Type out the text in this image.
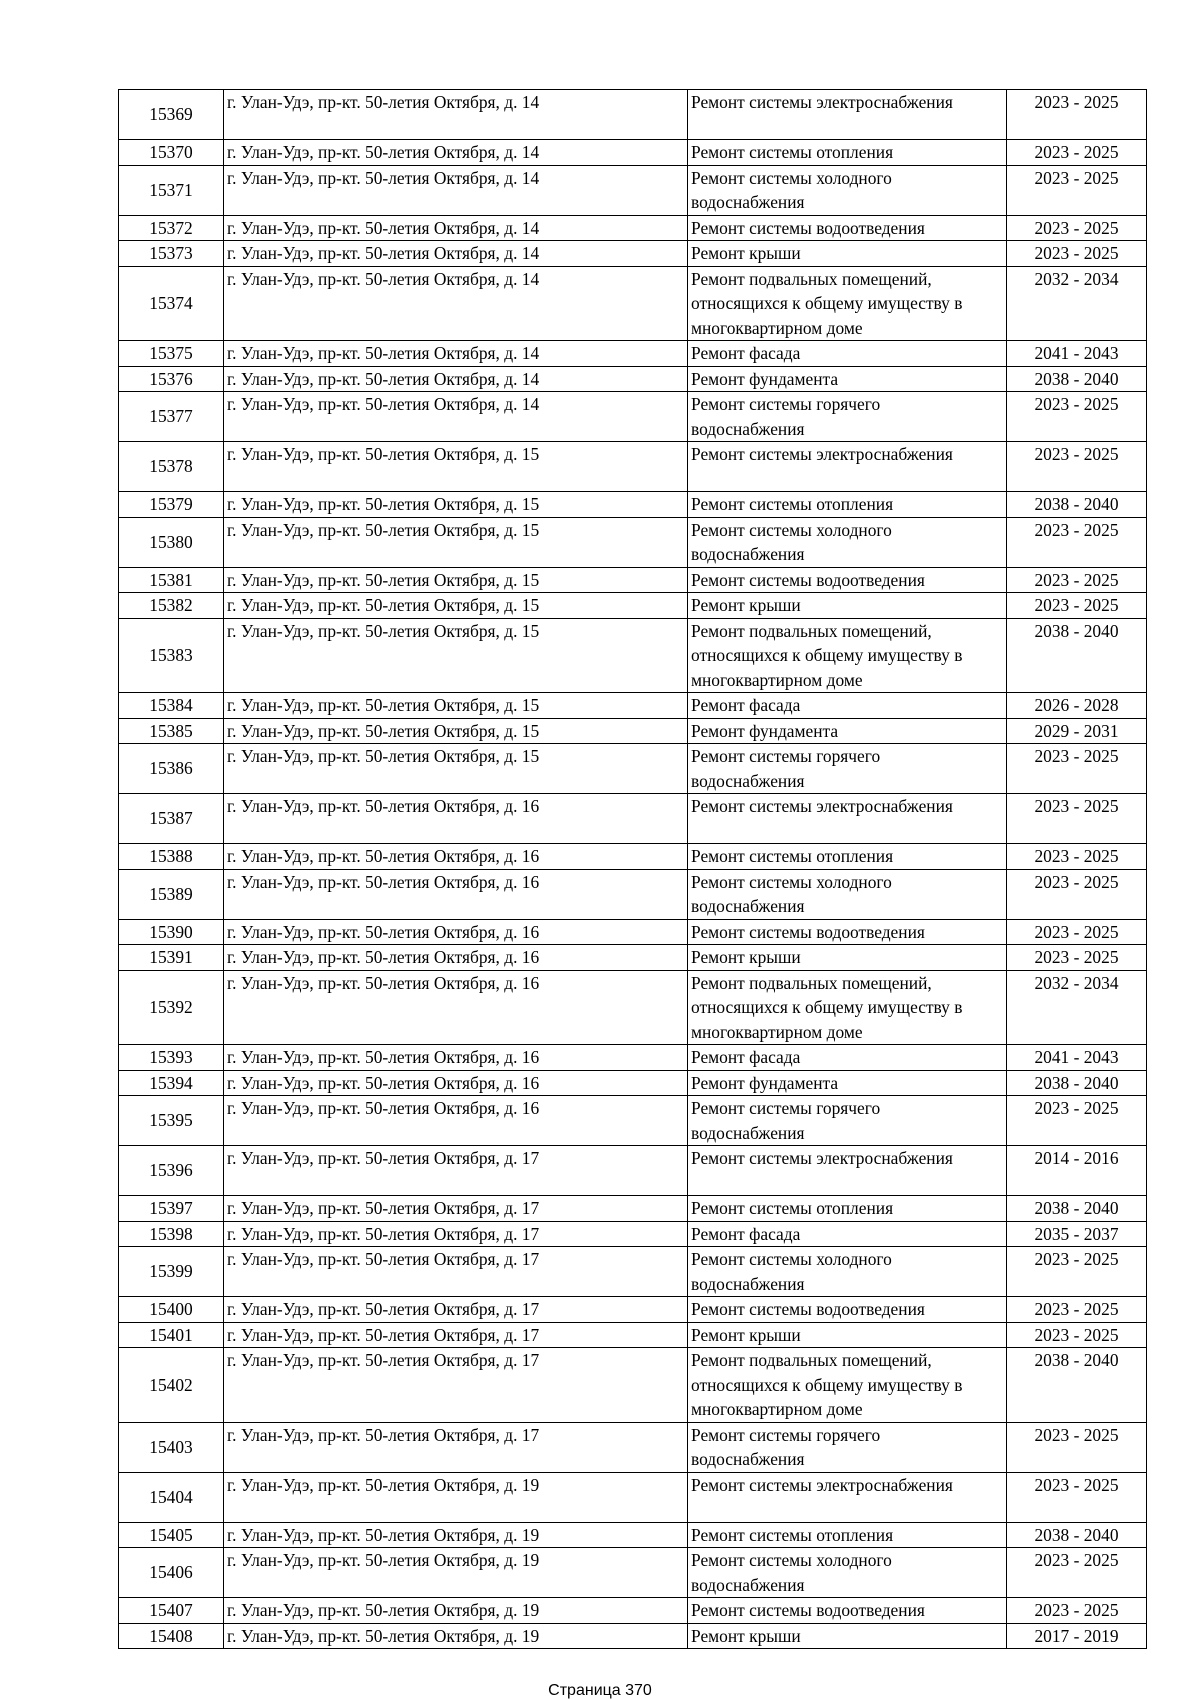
15369	г. Улан-Удэ, пр-кт. 50-летия Октября, д. 14	Ремонт системы электроснабжения	2023 - 2025
15370	г. Улан-Удэ, пр-кт. 50-летия Октября, д. 14	Ремонт системы отопления	2023 - 2025
15371	г. Улан-Удэ, пр-кт. 50-летия Октября, д. 14	Ремонт системы холодного водоснабжения	2023 - 2025
15372	г. Улан-Удэ, пр-кт. 50-летия Октября, д. 14	Ремонт системы водоотведения	2023 - 2025
15373	г. Улан-Удэ, пр-кт. 50-летия Октября, д. 14	Ремонт крыши	2023 - 2025
15374	г. Улан-Удэ, пр-кт. 50-летия Октября, д. 14	Ремонт подвальных помещений, относящихся к общему имуществу в многоквартирном доме	2032 - 2034
15375	г. Улан-Удэ, пр-кт. 50-летия Октября, д. 14	Ремонт фасада	2041 - 2043
15376	г. Улан-Удэ, пр-кт. 50-летия Октября, д. 14	Ремонт фундамента	2038 - 2040
15377	г. Улан-Удэ, пр-кт. 50-летия Октября, д. 14	Ремонт системы горячего водоснабжения	2023 - 2025
15378	г. Улан-Удэ, пр-кт. 50-летия Октября, д. 15	Ремонт системы электроснабжения	2023 - 2025
15379	г. Улан-Удэ, пр-кт. 50-летия Октября, д. 15	Ремонт системы отопления	2038 - 2040
15380	г. Улан-Удэ, пр-кт. 50-летия Октября, д. 15	Ремонт системы холодного водоснабжения	2023 - 2025
15381	г. Улан-Удэ, пр-кт. 50-летия Октября, д. 15	Ремонт системы водоотведения	2023 - 2025
15382	г. Улан-Удэ, пр-кт. 50-летия Октября, д. 15	Ремонт крыши	2023 - 2025
15383	г. Улан-Удэ, пр-кт. 50-летия Октября, д. 15	Ремонт подвальных помещений, относящихся к общему имуществу в многоквартирном доме	2038 - 2040
15384	г. Улан-Удэ, пр-кт. 50-летия Октября, д. 15	Ремонт фасада	2026 - 2028
15385	г. Улан-Удэ, пр-кт. 50-летия Октября, д. 15	Ремонт фундамента	2029 - 2031
15386	г. Улан-Удэ, пр-кт. 50-летия Октября, д. 15	Ремонт системы горячего водоснабжения	2023 - 2025
15387	г. Улан-Удэ, пр-кт. 50-летия Октября, д. 16	Ремонт системы электроснабжения	2023 - 2025
15388	г. Улан-Удэ, пр-кт. 50-летия Октября, д. 16	Ремонт системы отопления	2023 - 2025
15389	г. Улан-Удэ, пр-кт. 50-летия Октября, д. 16	Ремонт системы холодного водоснабжения	2023 - 2025
15390	г. Улан-Удэ, пр-кт. 50-летия Октября, д. 16	Ремонт системы водоотведения	2023 - 2025
15391	г. Улан-Удэ, пр-кт. 50-летия Октября, д. 16	Ремонт крыши	2023 - 2025
15392	г. Улан-Удэ, пр-кт. 50-летия Октября, д. 16	Ремонт подвальных помещений, относящихся к общему имуществу в многоквартирном доме	2032 - 2034
15393	г. Улан-Удэ, пр-кт. 50-летия Октября, д. 16	Ремонт фасада	2041 - 2043
15394	г. Улан-Удэ, пр-кт. 50-летия Октября, д. 16	Ремонт фундамента	2038 - 2040
15395	г. Улан-Удэ, пр-кт. 50-летия Октября, д. 16	Ремонт системы горячего водоснабжения	2023 - 2025
15396	г. Улан-Удэ, пр-кт. 50-летия Октября, д. 17	Ремонт системы электроснабжения	2014 - 2016
15397	г. Улан-Удэ, пр-кт. 50-летия Октября, д. 17	Ремонт системы отопления	2038 - 2040
15398	г. Улан-Удэ, пр-кт. 50-летия Октября, д. 17	Ремонт фасада	2035 - 2037
15399	г. Улан-Удэ, пр-кт. 50-летия Октября, д. 17	Ремонт системы холодного водоснабжения	2023 - 2025
15400	г. Улан-Удэ, пр-кт. 50-летия Октября, д. 17	Ремонт системы водоотведения	2023 - 2025
15401	г. Улан-Удэ, пр-кт. 50-летия Октября, д. 17	Ремонт крыши	2023 - 2025
15402	г. Улан-Удэ, пр-кт. 50-летия Октября, д. 17	Ремонт подвальных помещений, относящихся к общему имуществу в многоквартирном доме	2038 - 2040
15403	г. Улан-Удэ, пр-кт. 50-летия Октября, д. 17	Ремонт системы горячего водоснабжения	2023 - 2025
15404	г. Улан-Удэ, пр-кт. 50-летия Октября, д. 19	Ремонт системы электроснабжения	2023 - 2025
15405	г. Улан-Удэ, пр-кт. 50-летия Октября, д. 19	Ремонт системы отопления	2038 - 2040
15406	г. Улан-Удэ, пр-кт. 50-летия Октября, д. 19	Ремонт системы холодного водоснабжения	2023 - 2025
15407	г. Улан-Удэ, пр-кт. 50-летия Октября, д. 19	Ремонт системы водоотведения	2023 - 2025
15408	г. Улан-Удэ, пр-кт. 50-летия Октября, д. 19	Ремонт крыши	2017 - 2019
Страница 370
